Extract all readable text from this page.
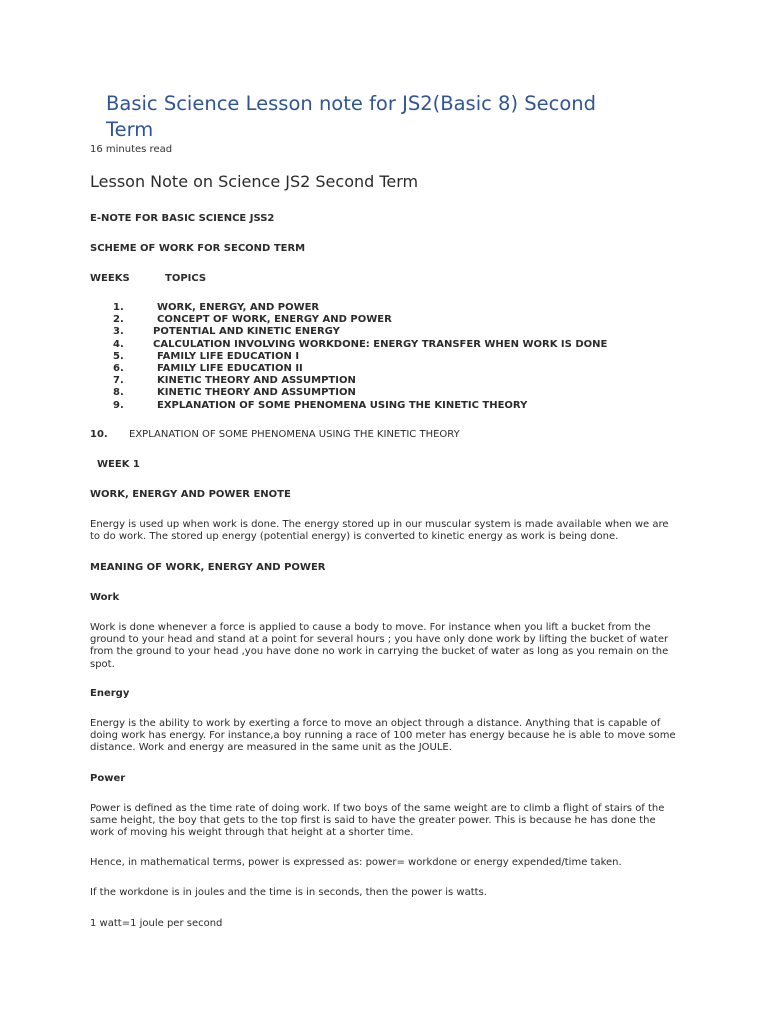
Basic Science Lesson note for JS2(Basic 8) Second Term
16 minutes read
Lesson Note on Science JS2 Second Term
E-NOTE FOR BASIC SCIENCE JSS2
SCHEME OF WORK FOR SECOND TERM
WEEKS	TOPICS
1.	WORK, ENERGY, AND POWER
2.	CONCEPT OF WORK, ENERGY AND POWER
3.	POTENTIAL AND KINETIC ENERGY
4.	CALCULATION INVOLVING WORKDONE: ENERGY TRANSFER WHEN WORK IS DONE
5.	FAMILY LIFE EDUCATION I
6.	FAMILY LIFE EDUCATION II
7.	KINETIC THEORY AND ASSUMPTION
8.	KINETIC THEORY AND ASSUMPTION
9.	EXPLANATION OF SOME PHENOMENA USING THE KINETIC THEORY
10. EXPLANATION OF SOME PHENOMENA USING THE KINETIC THEORY
WEEK 1
WORK, ENERGY AND POWER ENOTE

Energy is used up when work is done. The energy stored up in our muscular system is made available when we are to do work. The stored up energy (potential energy) is converted to kinetic energy as work is being done.

MEANING OF WORK, ENERGY AND POWER
Work

Work is done whenever a force is applied to cause a body to move. For instance when you lift a bucket from the ground to your head and stand at a point for several hours ; you have only done work by lifting the bucket of water from the ground to your head ,you have done no work in carrying the bucket of water as long as you remain on the spot.

Energy

Energy is the ability to work by exerting a force to move an object through a distance. Anything that is capable of doing work has energy. For instance,a boy running a race of 100 meter has energy because he is able to move some distance. Work and energy are measured in the same unit as the JOULE.

Power

Power is defined as the time rate of doing work. If two boys of the same weight are to climb a flight of stairs of the same height, the boy that gets to the top first is said to have the greater power. This is because he has done the work of moving his weight through that height at a shorter time.

Hence, in mathematical terms, power is expressed as: power= workdone or energy expended/time taken.
If the workdone is in joules and the time is in seconds, then the power is watts.
1 watt=1 joule per second
